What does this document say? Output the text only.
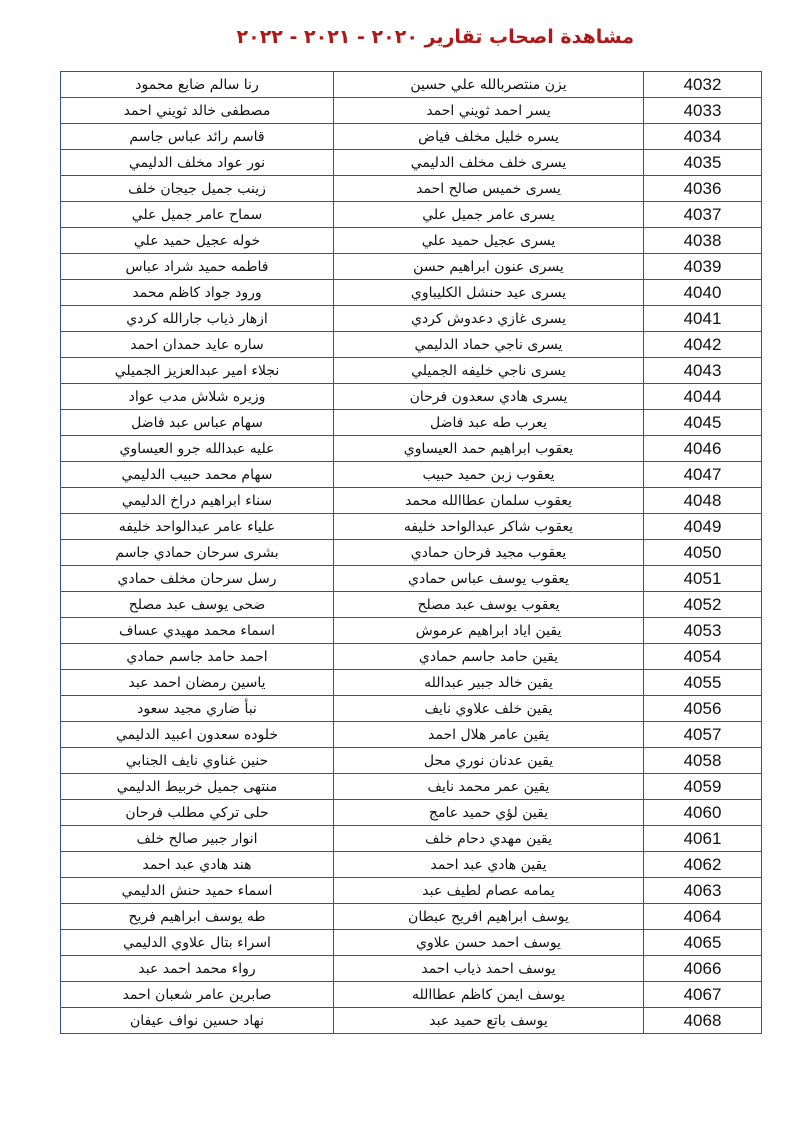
مشاهدة اصحاب تقارير ٢٠٢٠ - ٢٠٢١ - ٢٠٢٢
رنا سالم ضايع محمود	يزن منتصربالله علي حسين	4032
مصطفى خالد ثويني احمد	يسر احمد ثويني احمد	4033
قاسم رائد عباس جاسم	يسره خليل مخلف فياض	4034
نور عواد مخلف الدليمي	يسرى خلف مخلف الدليمي	4035
زينب جميل جيجان خلف	يسرى خميس صالح احمد	4036
سماح عامر جميل علي	يسرى عامر جميل علي	4037
خوله عجيل حميد علي	يسرى عجيل حميد علي	4038
فاطمه حميد شراد عباس	يسرى عنون ابراهيم حسن	4039
ورود جواد كاظم محمد	يسرى عيد حنشل الكليباوي	4040
ازهار ذياب جارالله كردي	يسرى غازي دعدوش كردي	4041
ساره عايد حمدان احمد	يسرى ناجي حماد الدليمي	4042
نجلاء امير عبدالعزيز الجميلي	يسرى ناجي خليفه الجميلي	4043
وزيره شلاش مدب عواد	يسرى هادي سعدون فرحان	4044
سهام عباس عبد فاضل	يعرب طه عبد فاضل	4045
عليه عبدالله جرو العيساوي	يعقوب ابراهيم حمد العيساوي	4046
سهام محمد حبيب الدليمي	يعقوب زبن حميد حبيب	4047
سناء ابراهيم دراخ الدليمي	يعقوب سلمان عطاالله محمد	4048
علياء عامر عبدالواحد خليفه	يعقوب شاكر عبدالواحد خليفه	4049
بشرى سرحان حمادي جاسم	يعقوب مجيد فرحان حمادي	4050
رسل سرحان مخلف حمادي	يعقوب يوسف عباس حمادي	4051
ضحى يوسف عبد مصلح	يعقوب يوسف عبد مصلح	4052
اسماء محمد مهيدي عساف	يقين اياد ابراهيم عرموش	4053
احمد حامد جاسم حمادي	يقين حامد جاسم حمادي	4054
ياسين رمضان احمد عبد	يقين خالد جبير عبدالله	4055
نبأ ضاري مجيد سعود	يقين خلف علاوي نايف	4056
خلوده سعدون اعبيد الدليمي	يقين عامر هلال احمد	4057
حنين غناوي نايف الجنابي	يقين عدنان نوري محل	4058
منتهى جميل خربيط الدليمي	يقين عمر محمد نايف	4059
حلى تركي مطلب فرحان	يقين لؤي حميد عامج	4060
انوار جبير صالح خلف	يقين مهدي دحام خلف	4061
هند هادي عبد احمد	يقين هادي عبد احمد	4062
اسماء حميد حنش الدليمي	يمامه عصام لطيف عبد	4063
طه يوسف ابراهيم فريح	يوسف ابراهيم افريح عبطان	4064
اسراء بتال علاوي الدليمي	يوسف احمد حسن علاوي	4065
رواء محمد احمد عبد	يوسف احمد ذياب احمد	4066
صابرين عامر شعبان احمد	يوسف ايمن كاظم عطاالله	4067
نهاد حسين نواف عيفان	يوسف باتع حميد عبد	4068
